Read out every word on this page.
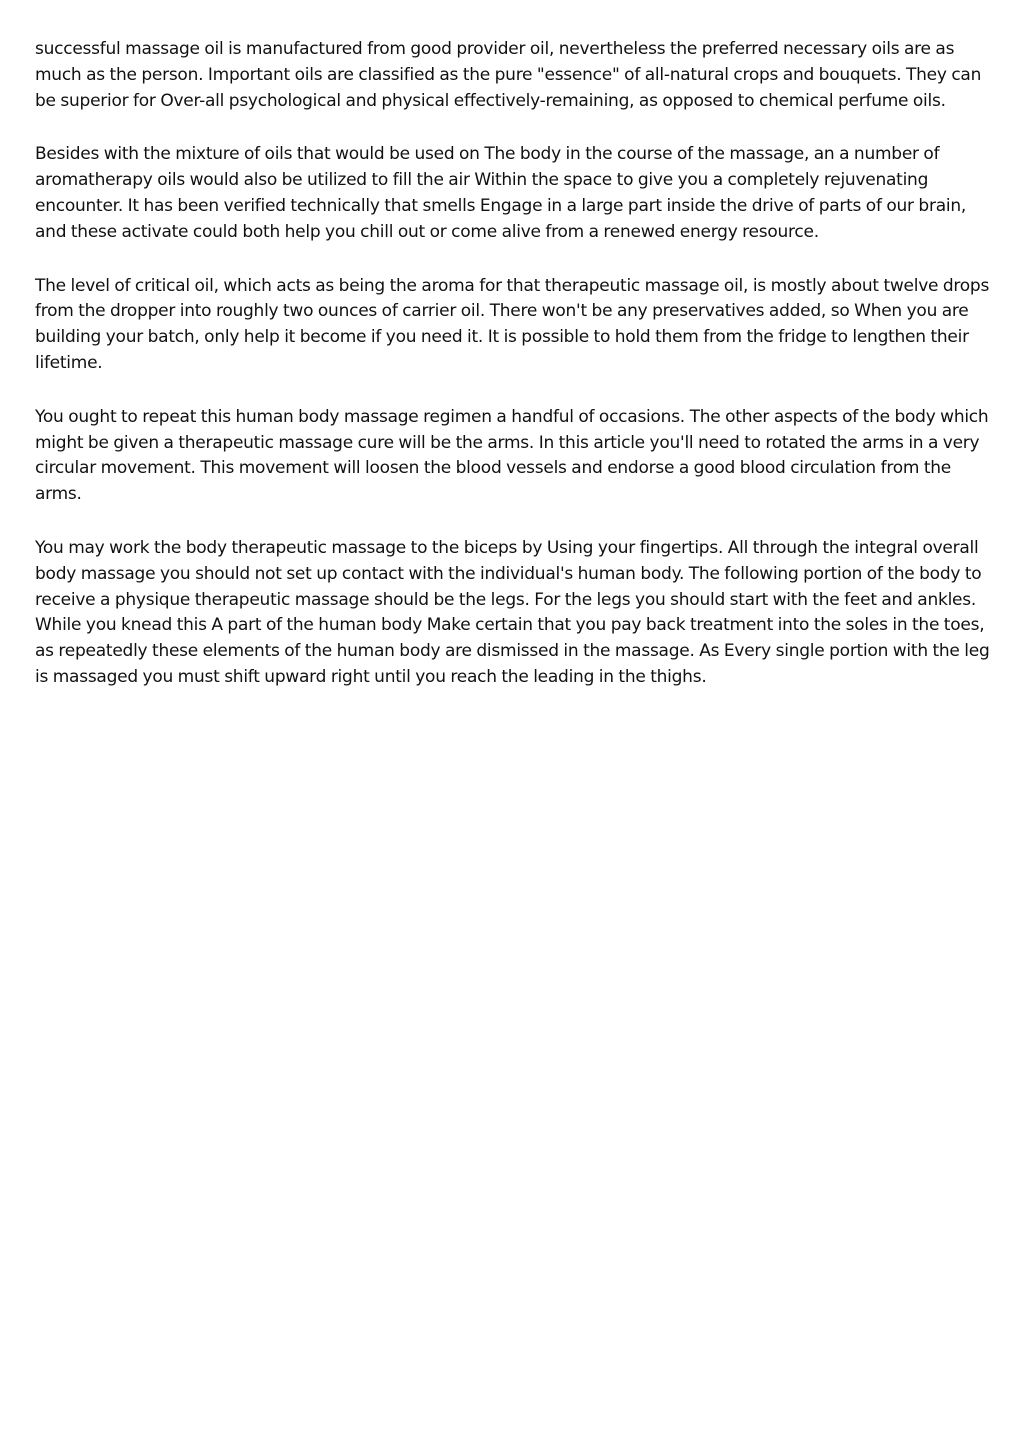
successful massage oil is manufactured from good provider oil, nevertheless the preferred necessary oils are as much as the person. Important oils are classified as the pure "essence" of all-natural crops and bouquets. They can be superior for Over-all psychological and physical effectively-remaining, as opposed to chemical perfume oils.

Besides with the mixture of oils that would be used on The body in the course of the massage, an a number of aromatherapy oils would also be utilized to fill the air Within the space to give you a completely rejuvenating encounter. It has been verified technically that smells Engage in a large part inside the drive of parts of our brain, and these activate could both help you chill out or come alive from a renewed energy resource.

The level of critical oil, which acts as being the aroma for that therapeutic massage oil, is mostly about twelve drops from the dropper into roughly two ounces of carrier oil. There won't be any preservatives added, so When you are building your batch, only help it become if you need it. It is possible to hold them from the fridge to lengthen their lifetime.

You ought to repeat this human body massage regimen a handful of occasions. The other aspects of the body which might be given a therapeutic massage cure will be the arms. In this article you'll need to rotated the arms in a very circular movement. This movement will loosen the blood vessels and endorse a good blood circulation from the arms.

You may work the body therapeutic massage to the biceps by Using your fingertips. All through the integral overall body massage you should not set up contact with the individual's human body. The following portion of the body to receive a physique therapeutic massage should be the legs. For the legs you should start with the feet and ankles. While you knead this A part of the human body Make certain that you pay back treatment into the soles in the toes, as repeatedly these elements of the human body are dismissed in the massage. As Every single portion with the leg is massaged you must shift upward right until you reach the leading in the thighs.
